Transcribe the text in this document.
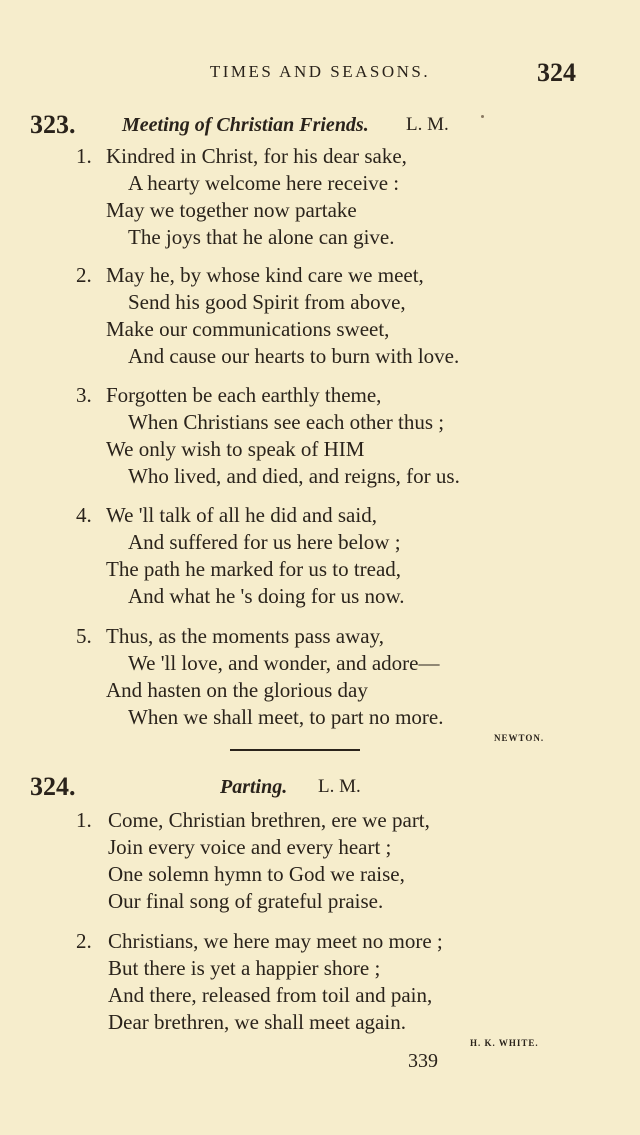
TIMES AND SEASONS.	324
323. Meeting of Christian Friends. L. M.
1. Kindred in Christ, for his dear sake,
A hearty welcome here receive :
May we together now partake
The joys that he alone can give.
2. May he, by whose kind care we meet,
Send his good Spirit from above,
Make our communications sweet,
And cause our hearts to burn with love.
3. Forgotten be each earthly theme,
When Christians see each other thus ;
We only wish to speak of HIM
Who lived, and died, and reigns, for us.
4. We 'll talk of all he did and said,
And suffered for us here below ;
The path he marked for us to tread,
And what he 's doing for us now.
5. Thus, as the moments pass away,
We 'll love, and wonder, and adore—
And hasten on the glorious day
When we shall meet, to part no more.
NEWTON.
324.	Parting. L. M.
1. Come, Christian brethren, ere we part,
Join every voice and every heart ;
One solemn hymn to God we raise,
Our final song of grateful praise.
2. Christians, we here may meet no more ;
But there is yet a happier shore ;
And there, released from toil and pain,
Dear brethren, we shall meet again.
H. K. WHITE.
339
